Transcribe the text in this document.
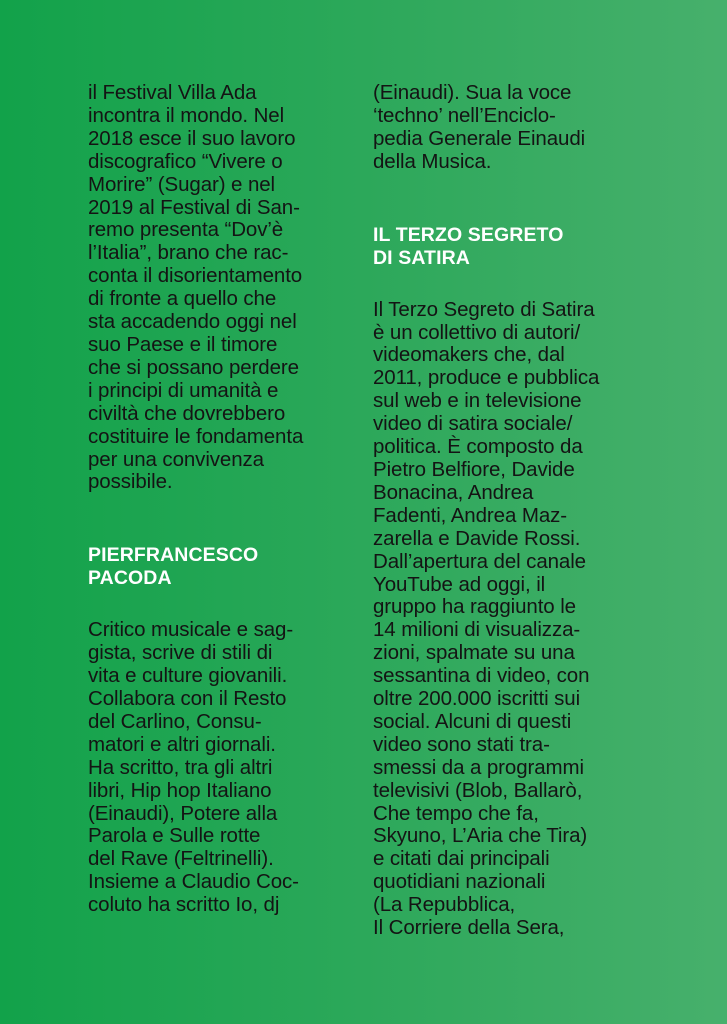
il Festival Villa Ada
incontra il mondo. Nel
2018 esce il suo lavoro
discografico “Vivere o
Morire” (Sugar) e nel
2019 al Festival di San-
remo presenta “Dov’è
l’Italia”, brano che rac-
conta il disorientamento
di fronte a quello che
sta accadendo oggi nel
suo Paese e il timore
che si possano perdere
i principi di umanità e
civiltà che dovrebbero
costituire le fondamenta
per una convivenza
possibile.

PIERFRANCESCO
PACODA

Critico musicale e sag-
gista, scrive di stili di
vita e culture giovanili.
Collabora con il Resto
del Carlino, Consu-
matori e altri giornali.
Ha scritto, tra gli altri
libri, Hip hop Italiano
(Einaudi), Potere alla
Parola e Sulle rotte
del Rave (Feltrinelli).
Insieme a Claudio Coc-
coluto ha scritto Io, dj

(Einaudi). Sua la voce
‘techno’ nell’Enciclo-
pedia Generale Einaudi
della Musica.

IL TERZO SEGRETO
DI SATIRA

Il Terzo Segreto di Satira
è un collettivo di autori/
videomakers che, dal
2011, produce e pubblica
sul web e in televisione
video di satira sociale/
politica. È composto da
Pietro Belfiore, Davide
Bonacina, Andrea
Fadenti, Andrea Maz-
zarella e Davide Rossi.
Dall’apertura del canale
YouTube ad oggi, il
gruppo ha raggiunto le
14 milioni di visualizza-
zioni, spalmate su una
sessantina di video, con
oltre 200.000 iscritti sui
social. Alcuni di questi
video sono stati tra-
smessi da a programmi
televisivi (Blob, Ballarò,
Che tempo che fa,
Skyuno, L’Aria che Tira)
e citati dai principali
quotidiani nazionali
(La Repubblica,
Il Corriere della Sera,
